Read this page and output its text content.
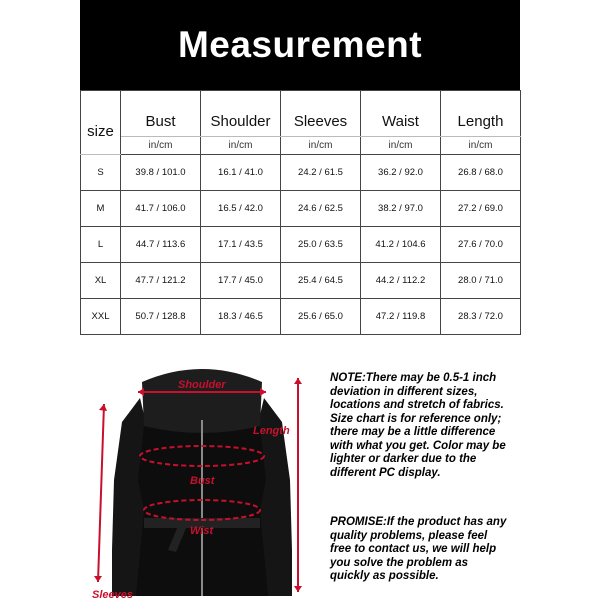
Measurement
size	Bust	Shoulder	Sleeves	Waist	Length
	in/cm	in/cm	in/cm	in/cm	in/cm
S	39.8 / 101.0	16.1 / 41.0	24.2 / 61.5	36.2 / 92.0	26.8 / 68.0
M	41.7 / 106.0	16.5 / 42.0	24.6 / 62.5	38.2 / 97.0	27.2 / 69.0
L	44.7 / 113.6	17.1 / 43.5	25.0 / 63.5	41.2 / 104.6	27.6 / 70.0
XL	47.7 / 121.2	17.7 / 45.0	25.4 / 64.5	44.2 / 112.2	28.0 / 71.0
XXL	50.7 / 128.8	18.3 / 46.5	25.6 / 65.0	47.2 / 119.8	28.3 / 72.0
Shoulder
Length
Bust
Wist
Sleeves
NOTE:There may be 0.5-1 inch deviation in different sizes, locations and stretch of fabrics. Size chart is for reference only; there may be a little difference with what you get. Color may be lighter or darker due to the different PC display.
PROMISE:If the product has any quality problems, please feel free to contact us, we will help you solve the problem as quickly as possible.
